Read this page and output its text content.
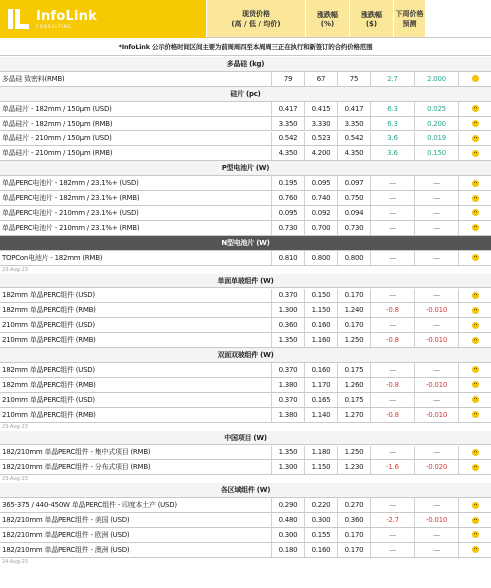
InfoLink
CONSULTING
现货价格
(高 / 低 / 均价)
涨跌幅
(%)
涨跌幅
($)
下周价格
预测
*InfoLink 公示价格时间区间主要为前周周四至本周周三正在执行和新签订的合约价格范围
多晶硅 (kg)
多晶硅 致密料(RMB)	79	67	75	2.7	2.000
硅片 (pc)
单晶硅片 - 182mm / 150μm (USD)	0.417	0.415	0.417	6.3	0.025
单晶硅片 - 182mm / 150μm (RMB)	3.350	3.330	3.350	6.3	0.200
单晶硅片 - 210mm / 150μm (USD)	0.542	0.523	0.542	3.6	0.019
单晶硅片 - 210mm / 150μm (RMB)	4.350	4.200	4.350	3.6	0.150
P型电池片 (W)
单晶PERC电池片 - 182mm / 23.1%+ (USD)	0.195	0.095	0.097	—	—
单晶PERC电池片 - 182mm / 23.1%+ (RMB)	0.760	0.740	0.750	—	—
单晶PERC电池片 - 210mm / 23.1%+ (USD)	0.095	0.092	0.094	—	—
单晶PERC电池片 - 210mm / 23.1%+ (RMB)	0.730	0.700	0.730	—	—
N型电池片 (W)
TOPCon电池片 - 182mm (RMB)	0.810	0.800	0.800	—	—
23-Aug-23
单面单玻组件 (W)
182mm 单晶PERC组件 (USD)	0.370	0.150	0.170	—	—
182mm 单晶PERC组件 (RMB)	1.300	1.150	1.240	-0.8	-0.010
210mm 单晶PERC组件 (USD)	0.360	0.160	0.170	—	—
210mm 单晶PERC组件 (RMB)	1.350	1.160	1.250	-0.8	-0.010
双面双玻组件 (W)
182mm 单晶PERC组件 (USD)	0.370	0.160	0.175	—	—
182mm 单晶PERC组件 (RMB)	1.380	1.170	1.260	-0.8	-0.010
210mm 单晶PERC组件 (USD)	0.370	0.165	0.175	—	—
210mm 单晶PERC组件 (RMB)	1.380	1.140	1.270	-0.8	-0.010
23-Aug-23
中国项目 (W)
182/210mm 单晶PERC组件 - 集中式项目 (RMB)	1.350	1.180	1.250	—	—
182/210mm 单晶PERC组件 - 分布式项目 (RMB)	1.300	1.150	1.230	-1.6	-0.020
23-Aug-23
各区域组件 (W)
365-375 / 440-450W 单晶PERC组件 - 印度本土产 (USD)	0.290	0.220	0.270	—	—
182/210mm 单晶PERC组件 - 美国 (USD)	0.480	0.300	0.360	-2.7	-0.010
182/210mm 单晶PERC组件 - 欧洲 (USD)	0.300	0.155	0.170	—	—
182/210mm 单晶PERC组件 - 澳洲 (USD)	0.180	0.160	0.170	—	—
24-Aug-23
